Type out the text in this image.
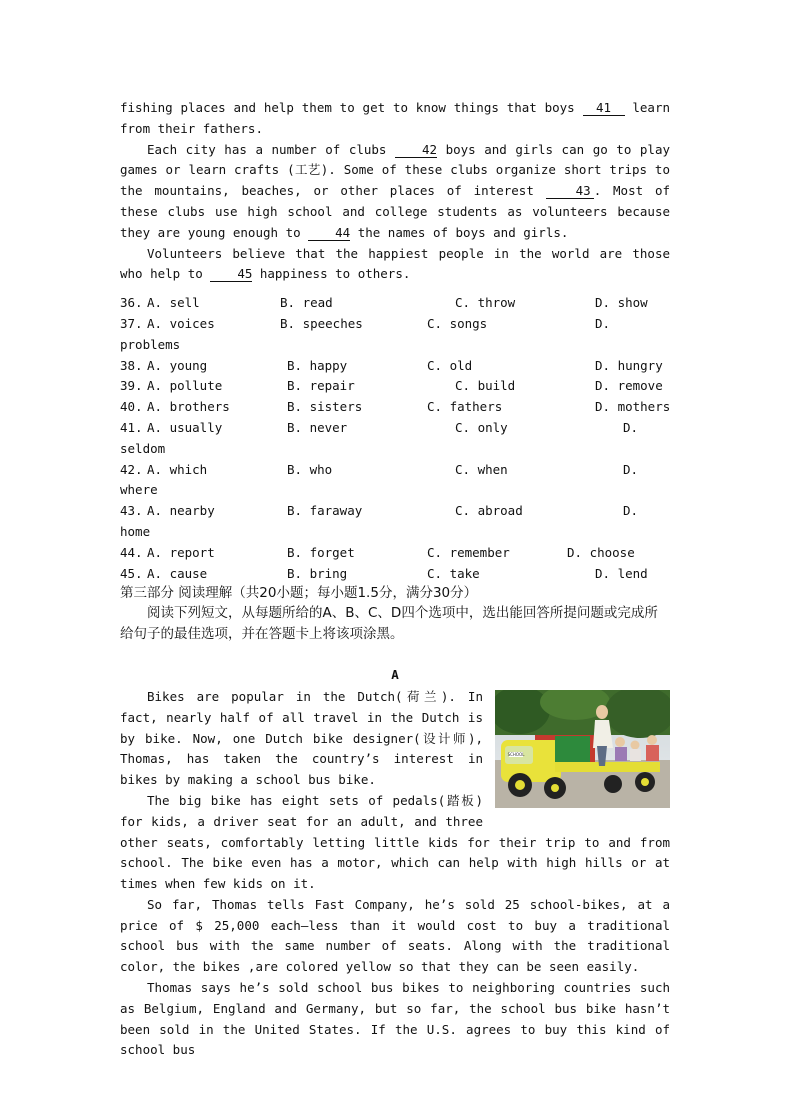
fishing places and help them to get to know things that boys 41 learn from their fathers.

Each city has a number of clubs	42 boys and girls can go to play games or learn crafts (工艺). Some of these clubs organize short trips to the mountains, beaches, or other places of interest	43 . Most of these clubs use high school and college students as volunteers because they are young enough to	44 the names of boys and girls.

Volunteers believe that the happiest people in the world are those who help to	45 happiness to others.

36. A. sell	B. read	C. throw	D. show
37. A. voices	B. speeches	C. songs	D.
problems
38. A. young	B. happy	C. old	D. hungry
39. A. pollute	B. repair	C. build	D. remove
40. A. brothers	B. sisters	C. fathers	D. mothers
41. A. usually	B. never	C. only	D.
seldom
42. A. which	B. who	C. when	D.
where
43. A. nearby	B. faraway	C. abroad	D.
home
44. A. report	B. forget	C. remember	D. choose
45. A. cause	B. bring	C. take	D. lend

第三部分 阅读理解（共20小题；每小题1.5分，满分30分）

阅读下列短文，从每题所给的A、B、C、D四个选项中，选出能回答所提问题或完成所给句子的最佳选项，并在答题卡上将该项涂黑。

A
SCHOOL

Bikes are popular in the Dutch(荷兰). In fact, nearly half of all travel in the Dutch is by bike. Now, one Dutch bike designer(设计师), Thomas, has taken the country’s interest in bikes by making a school bus bike.

The big bike has eight sets of pedals(踏板) for kids, a driver seat for an adult, and three other seats, comfortably letting little kids for their trip to and from school. The bike even has a motor, which can help with high hills or at times when few kids on it.

So far, Thomas tells Fast Company, he’s sold 25 school-bikes, at a price of $ 25,000 each—less than it would cost to buy a traditional school bus with the same number of seats. Along with the traditional color, the bikes ,are colored yellow so that they can be seen easily.

Thomas says he’s sold school bus bikes to neighboring countries such as Belgium, England and Germany, but so far, the school bus bike hasn’t been sold in the United States. If the U.S. agrees to buy this kind of school bus
